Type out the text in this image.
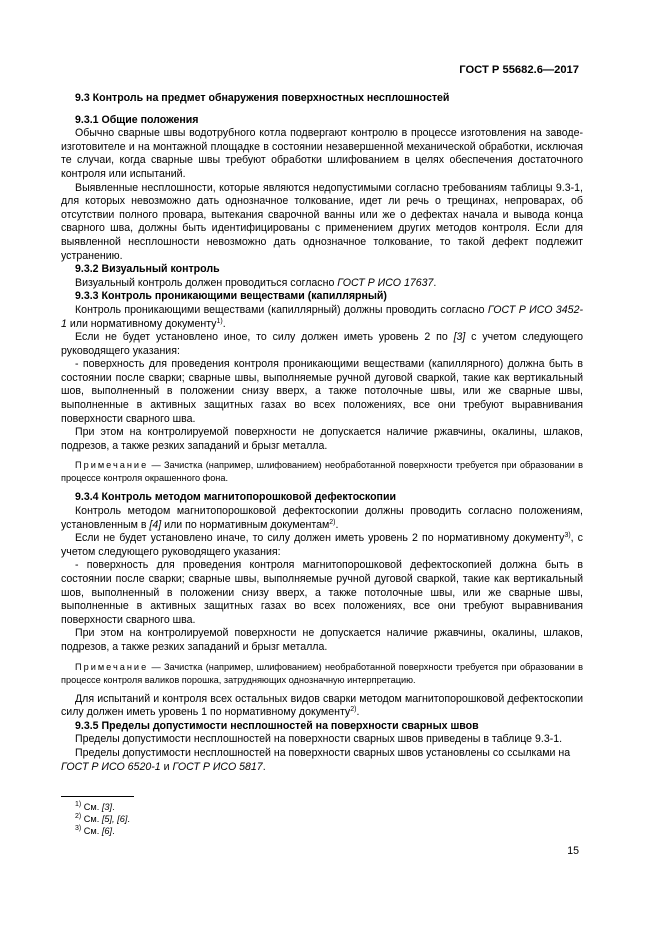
ГОСТ Р 55682.6—2017
9.3 Контроль на предмет обнаружения поверхностных несплошностей
9.3.1 Общие положения

Обычно сварные швы водотрубного котла подвергают контролю в процессе изготовления на заводе-изготовителе и на монтажной площадке в состоянии незавершенной механической обработки, исключая те случаи, когда сварные швы требуют обработки шлифованием в целях обеспечения достаточного контроля или испытаний.

Выявленные несплошности, которые являются недопустимыми согласно требованиям таблицы 9.3-1, для которых невозможно дать однозначное толкование, идет ли речь о трещинах, непроварах, об отсутствии полного провара, вытекания сварочной ванны или же о дефектах начала и вывода конца сварного шва, должны быть идентифицированы с применением других методов контроля. Если для выявленной несплошности невозможно дать однозначное толкование, то такой дефект подлежит устранению.

9.3.2 Визуальный контроль

Визуальный контроль должен проводиться согласно ГОСТ Р ИСО 17637.

9.3.3 Контроль проникающими веществами (капиллярный)

Контроль проникающими веществами (капиллярный) должны проводить согласно ГОСТ Р ИСО 3452-1 или нормативному документу$^{1)}$.

Если не будет установлено иное, то силу должен иметь уровень 2 по [3] с учетом следующего руководящего указания:

- поверхность для проведения контроля проникающими веществами (капиллярного) должна быть в состоянии после сварки; сварные швы, выполняемые ручной дуговой сваркой, такие как вертикальный шов, выполненный в положении снизу вверх, а также потолочные швы, или же сварные швы, выполненные в активных защитных газах во всех положениях, все они требуют выравнивания поверхности сварного шва.

При этом на контролируемой поверхности не допускается наличие ржавчины, окалины, шлаков, подрезов, а также резких западаний и брызг металла.

Примечание — Зачистка (например, шлифованием) необработанной поверхности требуется при образовании в процессе контроля окрашенного фона.

9.3.4 Контроль методом магнитопорошковой дефектоскопии

Контроль методом магнитопорошковой дефектоскопии должны проводить согласно положениям, установленным в [4] или по нормативным документам$^{2)}$.

Если не будет установлено иначе, то силу должен иметь уровень 2 по нормативному документу$^{3)}$, с учетом следующего руководящего указания:

- поверхность для проведения контроля магнитопорошковой дефектоскопией должна быть в состоянии после сварки; сварные швы, выполняемые ручной дуговой сваркой, такие как вертикальный шов, выполненный в положении снизу вверх, а также потолочные швы, или же сварные швы, выполненные в активных защитных газах во всех положениях, все они требуют выравнивания поверхности сварного шва.

При этом на контролируемой поверхности не допускается наличие ржавчины, окалины, шлаков, подрезов, а также резких западаний и брызг металла.

Примечание — Зачистка (например, шлифованием) необработанной поверхности требуется при образовании в процессе контроля валиков порошка, затрудняющих однозначную интерпретацию.

Для испытаний и контроля всех остальных видов сварки методом магнитопорошковой дефектоскопии силу должен иметь уровень 1 по нормативному документу$^{2)}$.

9.3.5 Пределы допустимости несплошностей на поверхности сварных швов

Пределы допустимости несплошностей на поверхности сварных швов приведены в таблице 9.3-1.

Пределы допустимости несплошностей на поверхности сварных швов установлены со ссылками на ГОСТ Р ИСО 6520-1 и ГОСТ Р ИСО 5817.

$^{1)}$ См. [3].
$^{2)}$ См. [5], [6].
$^{3)}$ См. [6].
15
